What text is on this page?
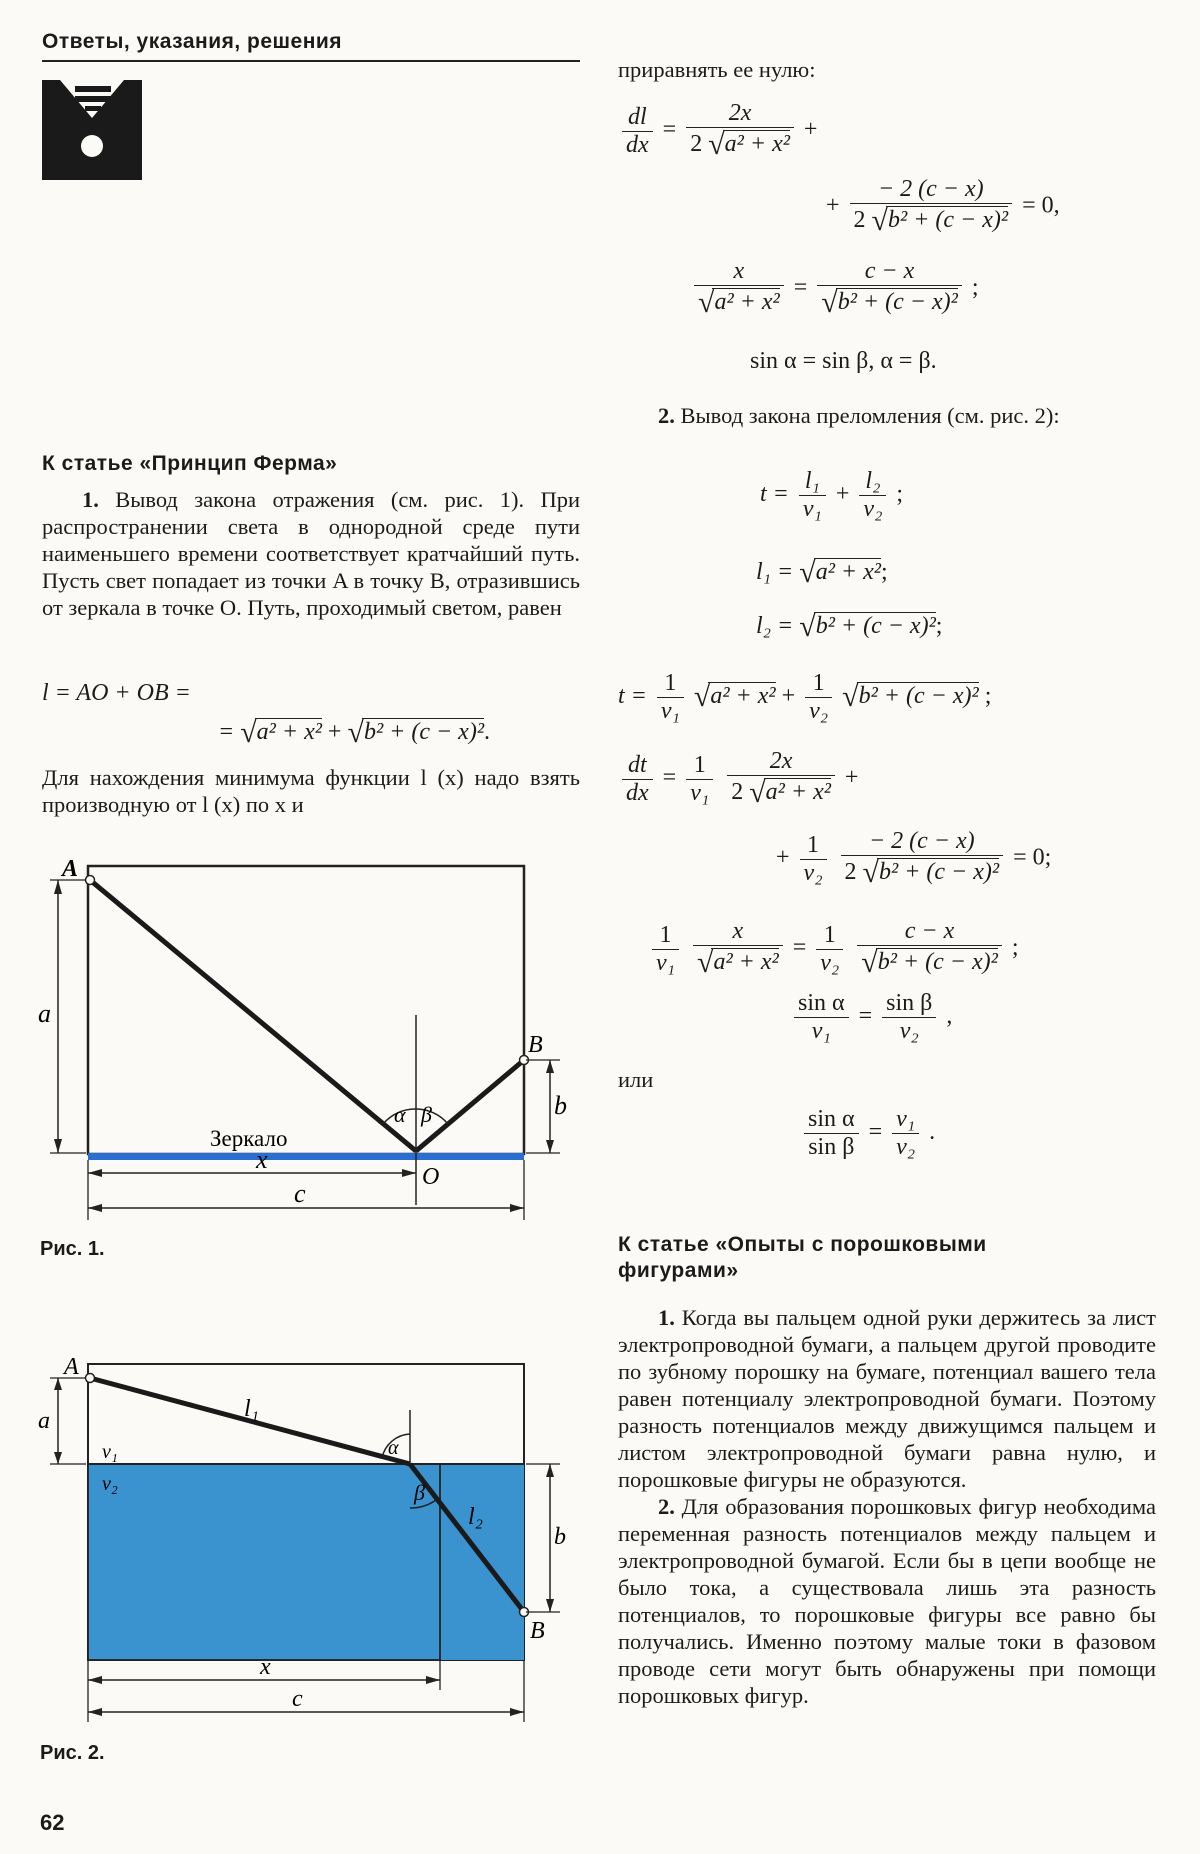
Ответы, указания, решения
К статье «Принцип Ферма»

1. Вывод закона отражения (см. рис. 1). При распространении света в однородной среде пути наименьшего времени соответствует кратчайший путь. Пусть свет попадает из точки A в точку B, отразившись от зеркала в точке O. Путь, проходимый светом, равен

l = AO + OB =
= √a² + x² + √b² + (c − x)².

Для нахождения минимума функции l (x) надо взять производную от l (x) по x и

A
B
O
α β
Зеркало
a
b
x
c
Рис. 1.
A
B
α
β
l₁
l₂
v₁
v₂
a
b
x
c
Рис. 2.
62
приравнять ее нулю:
$\frac{dl}{dx} = \frac{2x}{\text{2 √a² + x²}}$ +
+ $\frac{- 2 (c - x)}{\text{2 √b² + (c − x)²}} = 0$,
$\frac{x}{\text{√a² + x²}} = \frac{c - x}{\text{√b² + (c − x)²}}$ ;
sin α = sin β, α = β.

2. Вывод закона преломления (см. рис. 2):

$t = \frac{\text{l₁}}{\text{v₁}} + \frac{\text{l₂}}{\text{v₂}}$ ;
l₁ = √a² + x²;
l₂ = √b² + (c − x)²;
$t = \frac{1}{\text{v₁}} √a^2 + x^2 + \frac{1}{\text{v₂}} √b^2 + (c - x)^2$ ;
$\frac{dt}{dx} = \frac{1}{\text{v₁}}$
$\frac{2x}{\text{2 √a² + x²}}$ +
+ $\frac{1}{\text{v₂}}$
$\frac{- 2 (c - x)}{\text{2 √b² + (c − x)²}} = 0$;
$\frac{1}{\text{v₁}}$
$\frac{x}{\text{√a² + x²}} = \frac{1}{\text{v₂}}$
$\frac{c - x}{\text{√b² + (c − x)²}}$ ;
$\frac{\text{sin α}}{\text{v₁}} = \frac{\text{sin β}}{\text{v₂}}$ ,
или
$\frac{\text{sin α}}{\text{sin β}} = \frac{\text{v₁}}{\text{v₂}}$ .
К статье «Опыты с порошковыми фигурами»

1. Когда вы пальцем одной руки держитесь за лист электропроводной бумаги, а пальцем другой проводите по зубному порошку на бумаге, потенциал вашего тела равен потенциалу электропроводной бумаги. Поэтому разность потенциалов между движущимся пальцем и листом электропроводной бумаги равна нулю, и порошковые фигуры не образуются.

2. Для образования порошковых фигур необходима переменная разность потенциалов между пальцем и электропроводной бумагой. Если бы в цепи вообще не было тока, а существовала лишь эта разность потенциалов, то порошковые фигуры все равно бы получались. Именно поэтому малые токи в фазовом проводе сети могут быть обнаружены при помощи порошковых фигур.
